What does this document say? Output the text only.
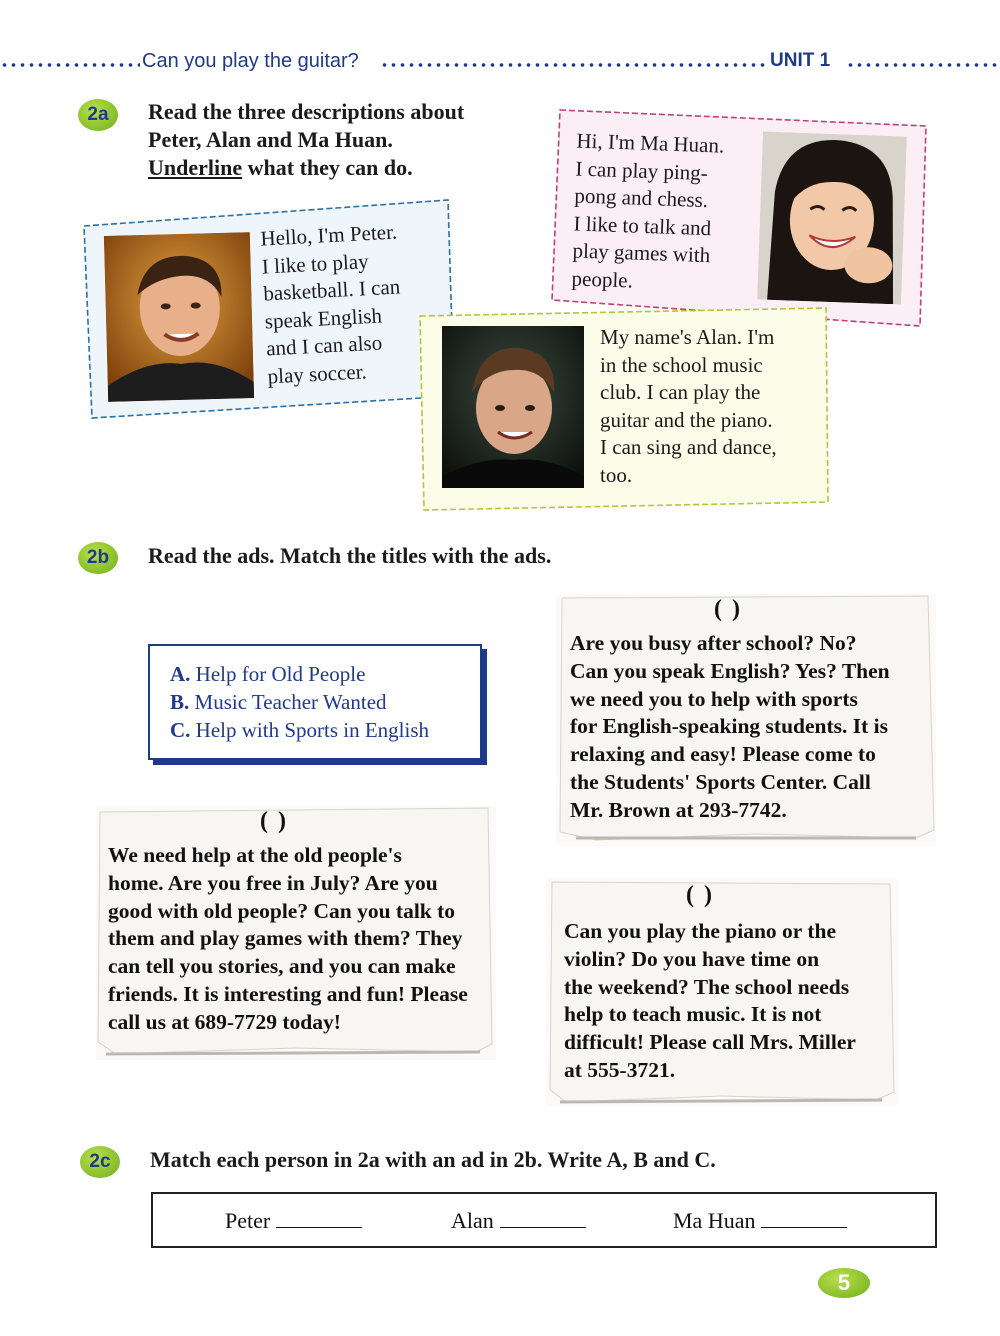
Can you play the guitar?	UNIT 1
2a	Read the three descriptions about
Peter, Alan and Ma Huan.
Underline what they can do.
Hello, I'm Peter.
I like to play
basketball. I can
speak English
and I can also
play soccer.
Hi, I'm Ma Huan.
I can play ping-
pong and chess.
I like to talk and
play games with
people.
My name's Alan. I'm
in the school music
club. I can play the
guitar and the piano.
I can sing and dance,
too.
2b	Read the ads. Match the titles with the ads.
A. Help for Old People
B. Music Teacher Wanted
C. Help with Sports in English
( )
Are you busy after school? No?
Can you speak English? Yes? Then
we need you to help with sports
for English-speaking students. It is
relaxing and easy! Please come to
the Students' Sports Center. Call
Mr. Brown at 293-7742.
( )
We need help at the old people's
home. Are you free in July? Are you
good with old people? Can you talk to
them and play games with them? They
can tell you stories, and you can make
friends. It is interesting and fun! Please
call us at 689-7729 today!
( )
Can you play the piano or the
violin? Do you have time on
the weekend? The school needs
help to teach music. It is not
difficult! Please call Mrs. Miller
at 555-3721.
2c	Match each person in 2a with an ad in 2b. Write A, B and C.
Peter	Alan	Ma Huan
5
